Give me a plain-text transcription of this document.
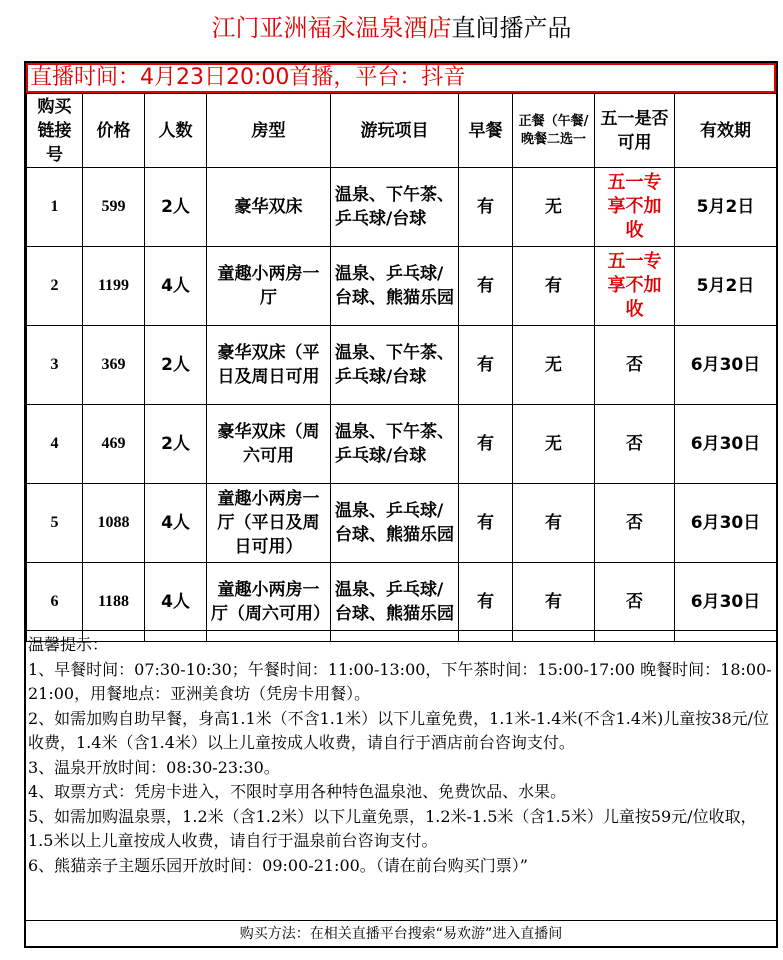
江门亚洲福永温泉酒店直间播产品
直播时间：4月23日20:00首播，平台：抖音
购买链接号	价格	人数	房型	游玩项目	早餐	正餐（午餐/晚餐二选一	五一是否可用	有效期
1	599	2人	豪华双床	温泉、下午茶、乒乓球/台球	有	无	五一专享不加收	5月2日
2	1199	4人	童趣小两房一厅	温泉、乒乓球/台球、熊猫乐园	有	有	五一专享不加收	5月2日
3	369	2人	豪华双床（平日及周日可用	温泉、下午茶、乒乓球/台球	有	无	否	6月30日
4	469	2人	豪华双床（周六可用	温泉、下午茶、乒乓球/台球	有	无	否	6月30日
5	1088	4人	童趣小两房一厅（平日及周日可用）	温泉、乒乓球/台球、熊猫乐园	有	有	否	6月30日
6	1188	4人	童趣小两房一厅（周六可用）	温泉、乒乓球/台球、熊猫乐园	有	有	否	6月30日

温馨提示：

1、早餐时间：07:30-10:30；午餐时间：11:00-13:00，下午茶时间：15:00-17:00 晚餐时间：18:00-21:00，用餐地点：亚洲美食坊（凭房卡用餐）。

2、如需加购自助早餐，身高1.1米（不含1.1米）以下儿童免费，1.1米-1.4米(不含1.4米)儿童按38元/位收费，1.4米（含1.4米）以上儿童按成人收费，请自行于酒店前台咨询支付。

3、温泉开放时间：08:30-23:30。

4、取票方式：凭房卡进入，不限时享用各种特色温泉池、免费饮品、水果。

5、如需加购温泉票，1.2米（含1.2米）以下儿童免票，1.2米-1.5米（含1.5米）儿童按59元/位收取，1.5米以上儿童按成人收费，请自行于温泉前台咨询支付。

6、熊猫亲子主题乐园开放时间：09:00-21:00。（请在前台购买门票）”

购买方法：在相关直播平台搜索“易欢游”进入直播间
